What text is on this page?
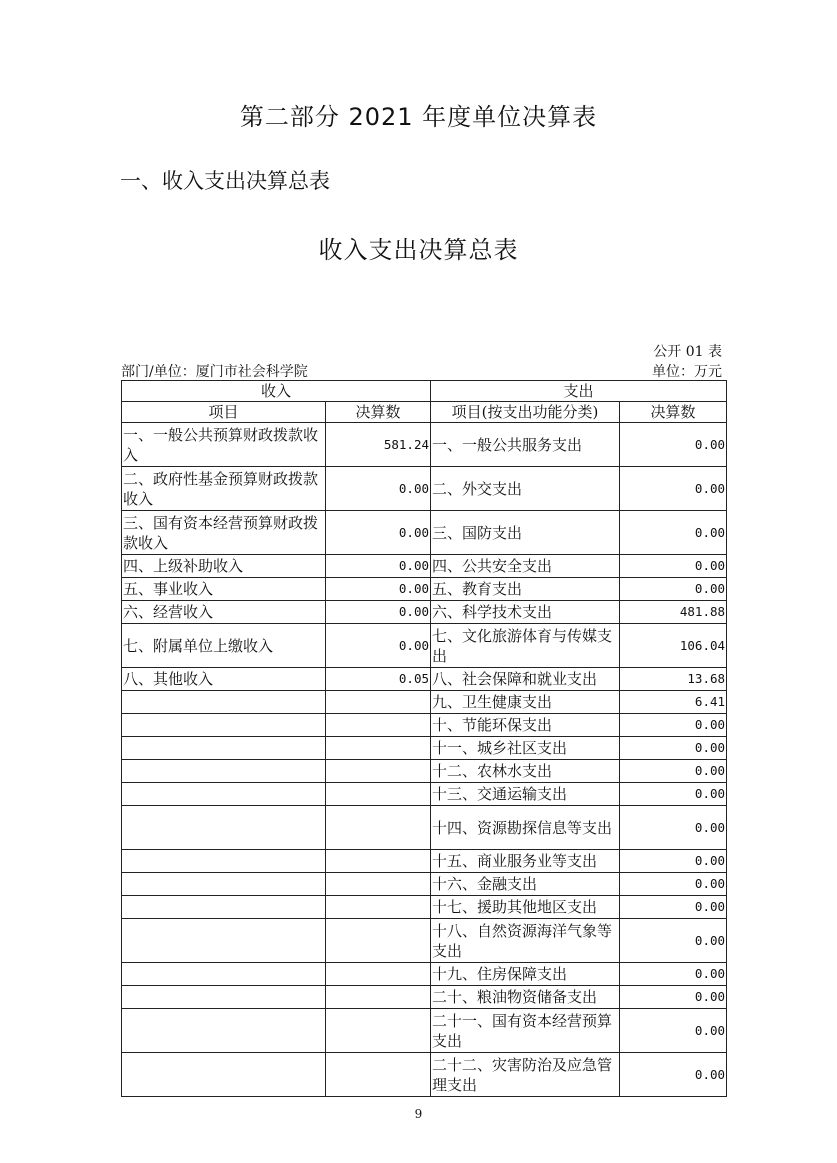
第二部分 2021 年度单位决算表
一、收入支出决算总表
收入支出决算总表
公开 01 表
部门/单位：厦门市社会科学院	单位：万元
收入		支出	
项目	决算数	项目(按支出功能分类)	决算数
一、一般公共预算财政拨款收入	581.24	一、一般公共服务支出	0.00
二、政府性基金预算财政拨款收入	0.00	二、外交支出	0.00
三、国有资本经营预算财政拨款收入	0.00	三、国防支出	0.00
四、上级补助收入	0.00	四、公共安全支出	0.00
五、事业收入	0.00	五、教育支出	0.00
六、经营收入	0.00	六、科学技术支出	481.88
七、附属单位上缴收入	0.00	七、文化旅游体育与传媒支出	106.04
八、其他收入	0.05	八、社会保障和就业支出	13.68
		九、卫生健康支出	6.41
		十、节能环保支出	0.00
		十一、城乡社区支出	0.00
		十二、农林水支出	0.00
		十三、交通运输支出	0.00
		十四、资源勘探信息等支出	0.00
		十五、商业服务业等支出	0.00
		十六、金融支出	0.00
		十七、援助其他地区支出	0.00
		十八、自然资源海洋气象等支出	0.00
		十九、住房保障支出	0.00
		二十、粮油物资储备支出	0.00
		二十一、国有资本经营预算支出	0.00
		二十二、灾害防治及应急管理支出	0.00
9
